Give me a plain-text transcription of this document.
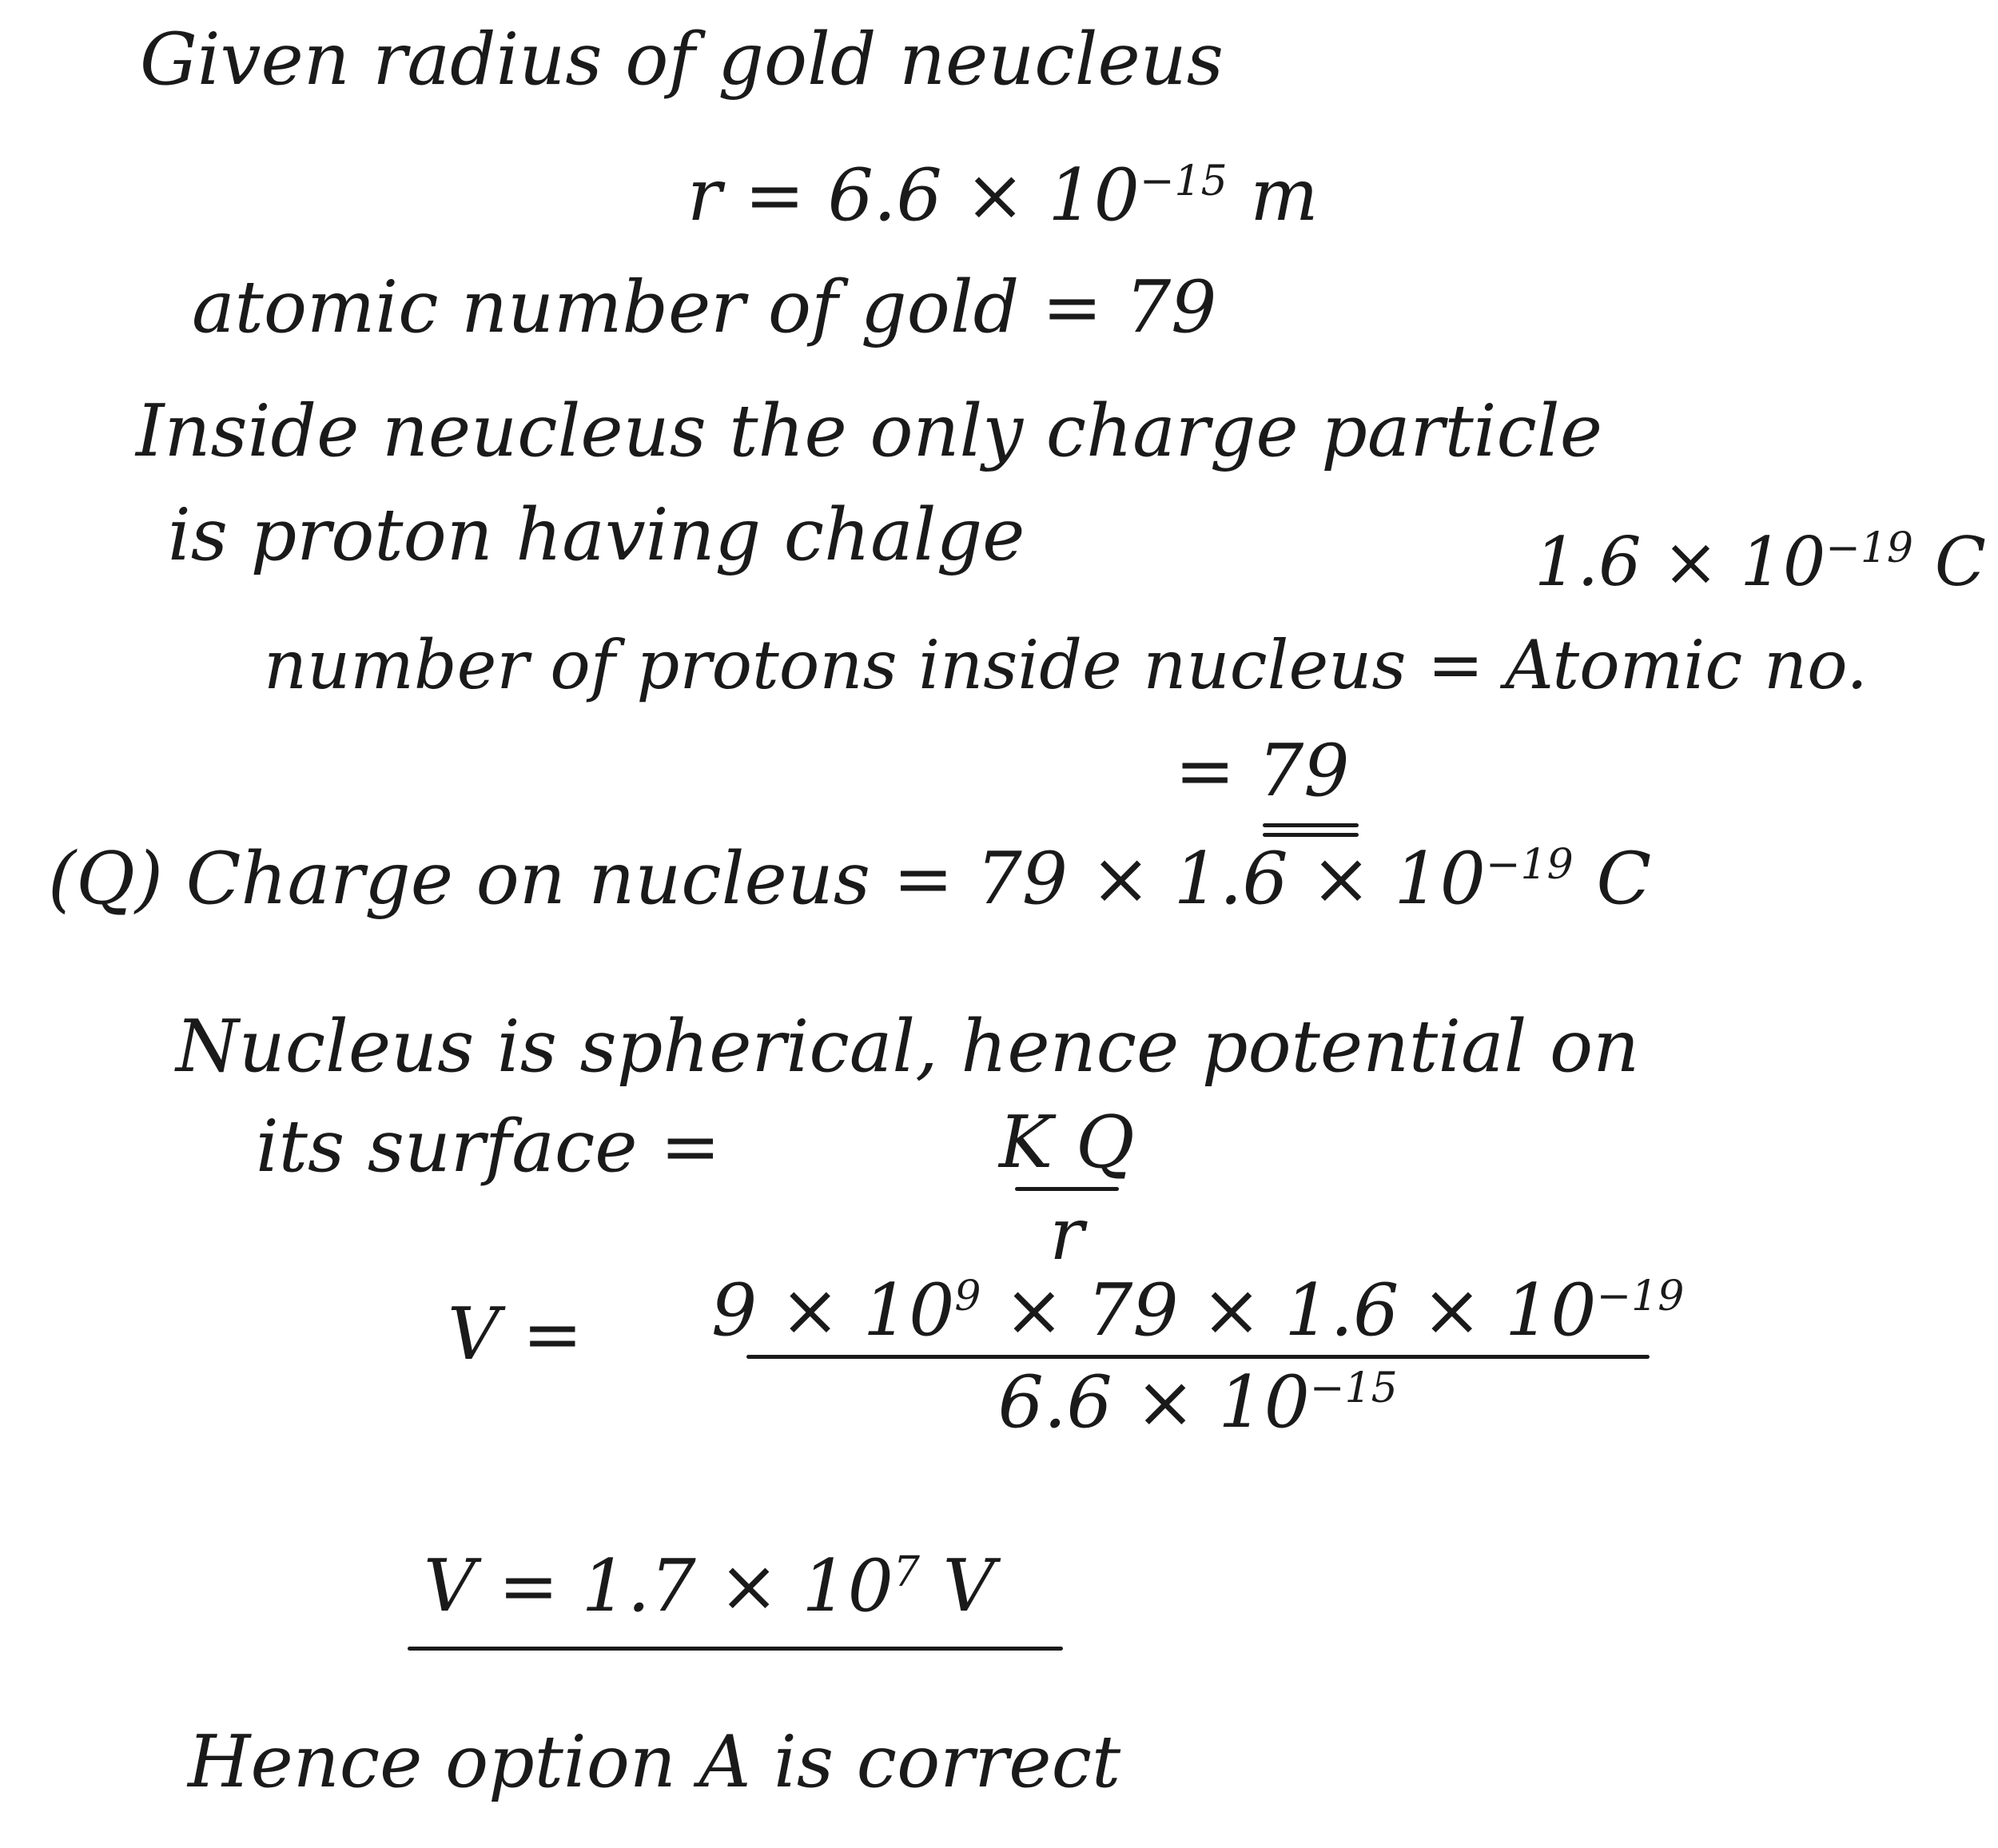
Given radius of gold neucleus
$r = 6.6 \times 10^{-15}$ m
atomic number of gold = 79
Inside neucleus the only charge particle
is proton having chalge	$1.6 \times 10^{-19}$ C
number of protons inside nucleus = Atomic no.
= 79
(Q) Charge on nucleus = $79 \times 1.6 \times 10^{-19}$ C
Nucleus is spherical, hence potential on
its surface =	K Q
r
$V = 9 \times 10^9 \times 79 \times 1.6 \times 10^{-19}$
$6.6 \times 10^{-15}$
$V = 1.7 \times 10^7$ V
Hence option A is correct
